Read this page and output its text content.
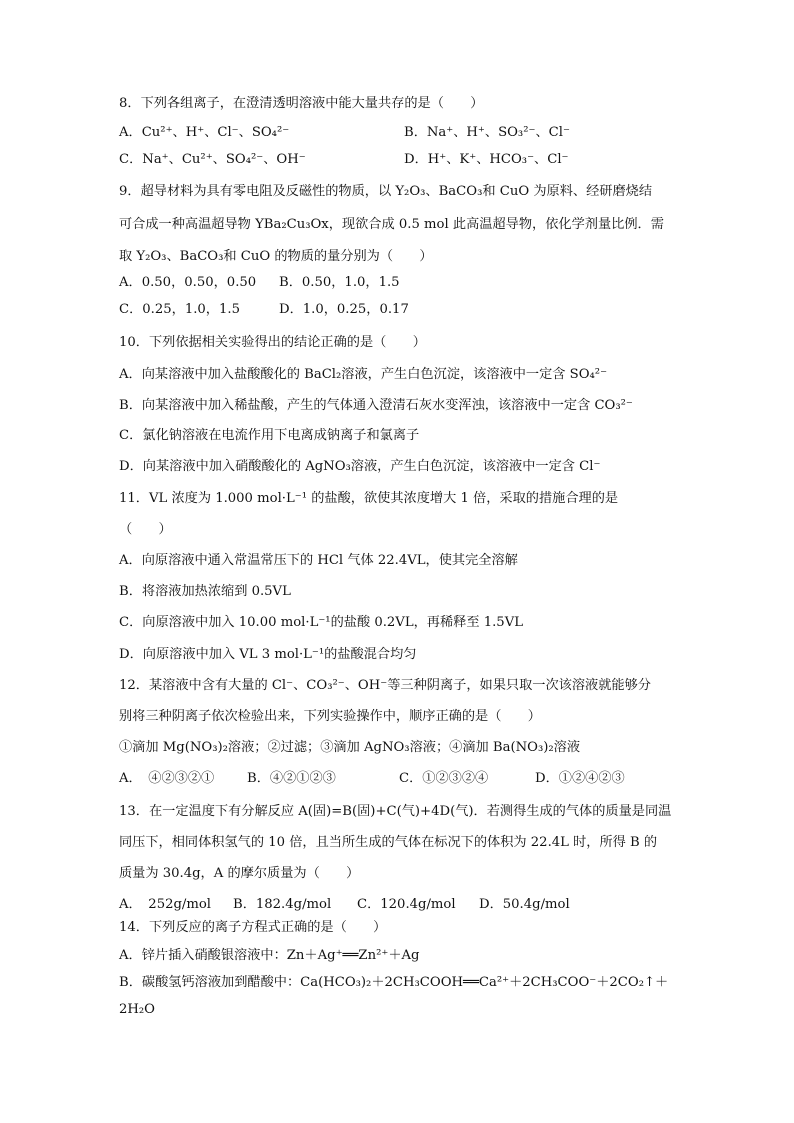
8．下列各组离子，在澄清透明溶液中能大量共存的是（　　）
A．Cu²⁺、H⁺、Cl⁻、SO₄²⁻	B．Na⁺、H⁺、SO₃²⁻、Cl⁻
C．Na⁺、Cu²⁺、SO₄²⁻、OH⁻	D．H⁺、K⁺、HCO₃⁻、Cl⁻
9．超导材料为具有零电阻及反磁性的物质，以 Y₂O₃、BaCO₃和 CuO 为原料、经研磨烧结
可合成一种高温超导物 YBa₂Cu₃Ox，现欲合成 0.5 mol 此高温超导物，依化学剂量比例．需
取 Y₂O₃、BaCO₃和 CuO 的物质的量分别为（　　）
A．0.50，0.50，0.50 B．0.50，1.0，1.5
C．0.25，1.0，1.5	D．1.0，0.25，0.17
10．下列依据相关实验得出的结论正确的是（　　）
A．向某溶液中加入盐酸酸化的 BaCl₂溶液，产生白色沉淀，该溶液中一定含 SO₄²⁻
B．向某溶液中加入稀盐酸，产生的气体通入澄清石灰水变浑浊，该溶液中一定含 CO₃²⁻
C．氯化钠溶液在电流作用下电离成钠离子和氯离子
D．向某溶液中加入硝酸酸化的 AgNO₃溶液，产生白色沉淀，该溶液中一定含 Cl⁻
11．VL 浓度为 1.000 mol·L⁻¹ 的盐酸，欲使其浓度增大 1 倍，采取的措施合理的是
（　　）
A．向原溶液中通入常温常压下的 HCl 气体 22.4VL，使其完全溶解
B．将溶液加热浓缩到 0.5VL
C．向原溶液中加入 10.00 mol·L⁻¹的盐酸 0.2VL，再稀释至 1.5VL
D．向原溶液中加入 VL 3 mol·L⁻¹的盐酸混合均匀
12．某溶液中含有大量的 Cl⁻、CO₃²⁻、OH⁻等三种阴离子，如果只取一次该溶液就能够分
别将三种阴离子依次检验出来，下列实验操作中，顺序正确的是（　　）
①滴加 Mg(NO₃)₂溶液；②过滤；③滴加 AgNO₃溶液；④滴加 Ba(NO₃)₂溶液
A．　④②③②① B．④②①②③	C．①②③②④	D．①②④②③
13．在一定温度下有分解反应 A(固)=B(固)+C(气)+4D(气)．若测得生成的气体的质量是同温
同压下，相同体积氢气的 10 倍，且当所生成的气体在标况下的体积为 22.4L 时，所得 B 的
质量为 30.4g，A 的摩尔质量为（　　）
A．　252g/mol B．182.4g/mol C．120.4g/mol D．50.4g/mol
14．下列反应的离子方程式正确的是（　　）
A．锌片插入硝酸银溶液中：Zn＋Ag⁺══Zn²⁺＋Ag
B．碳酸氢钙溶液加到醋酸中：Ca(HCO₃)₂＋2CH₃COOH══Ca²⁺＋2CH₃COO⁻＋2CO₂↑＋
2H₂O
